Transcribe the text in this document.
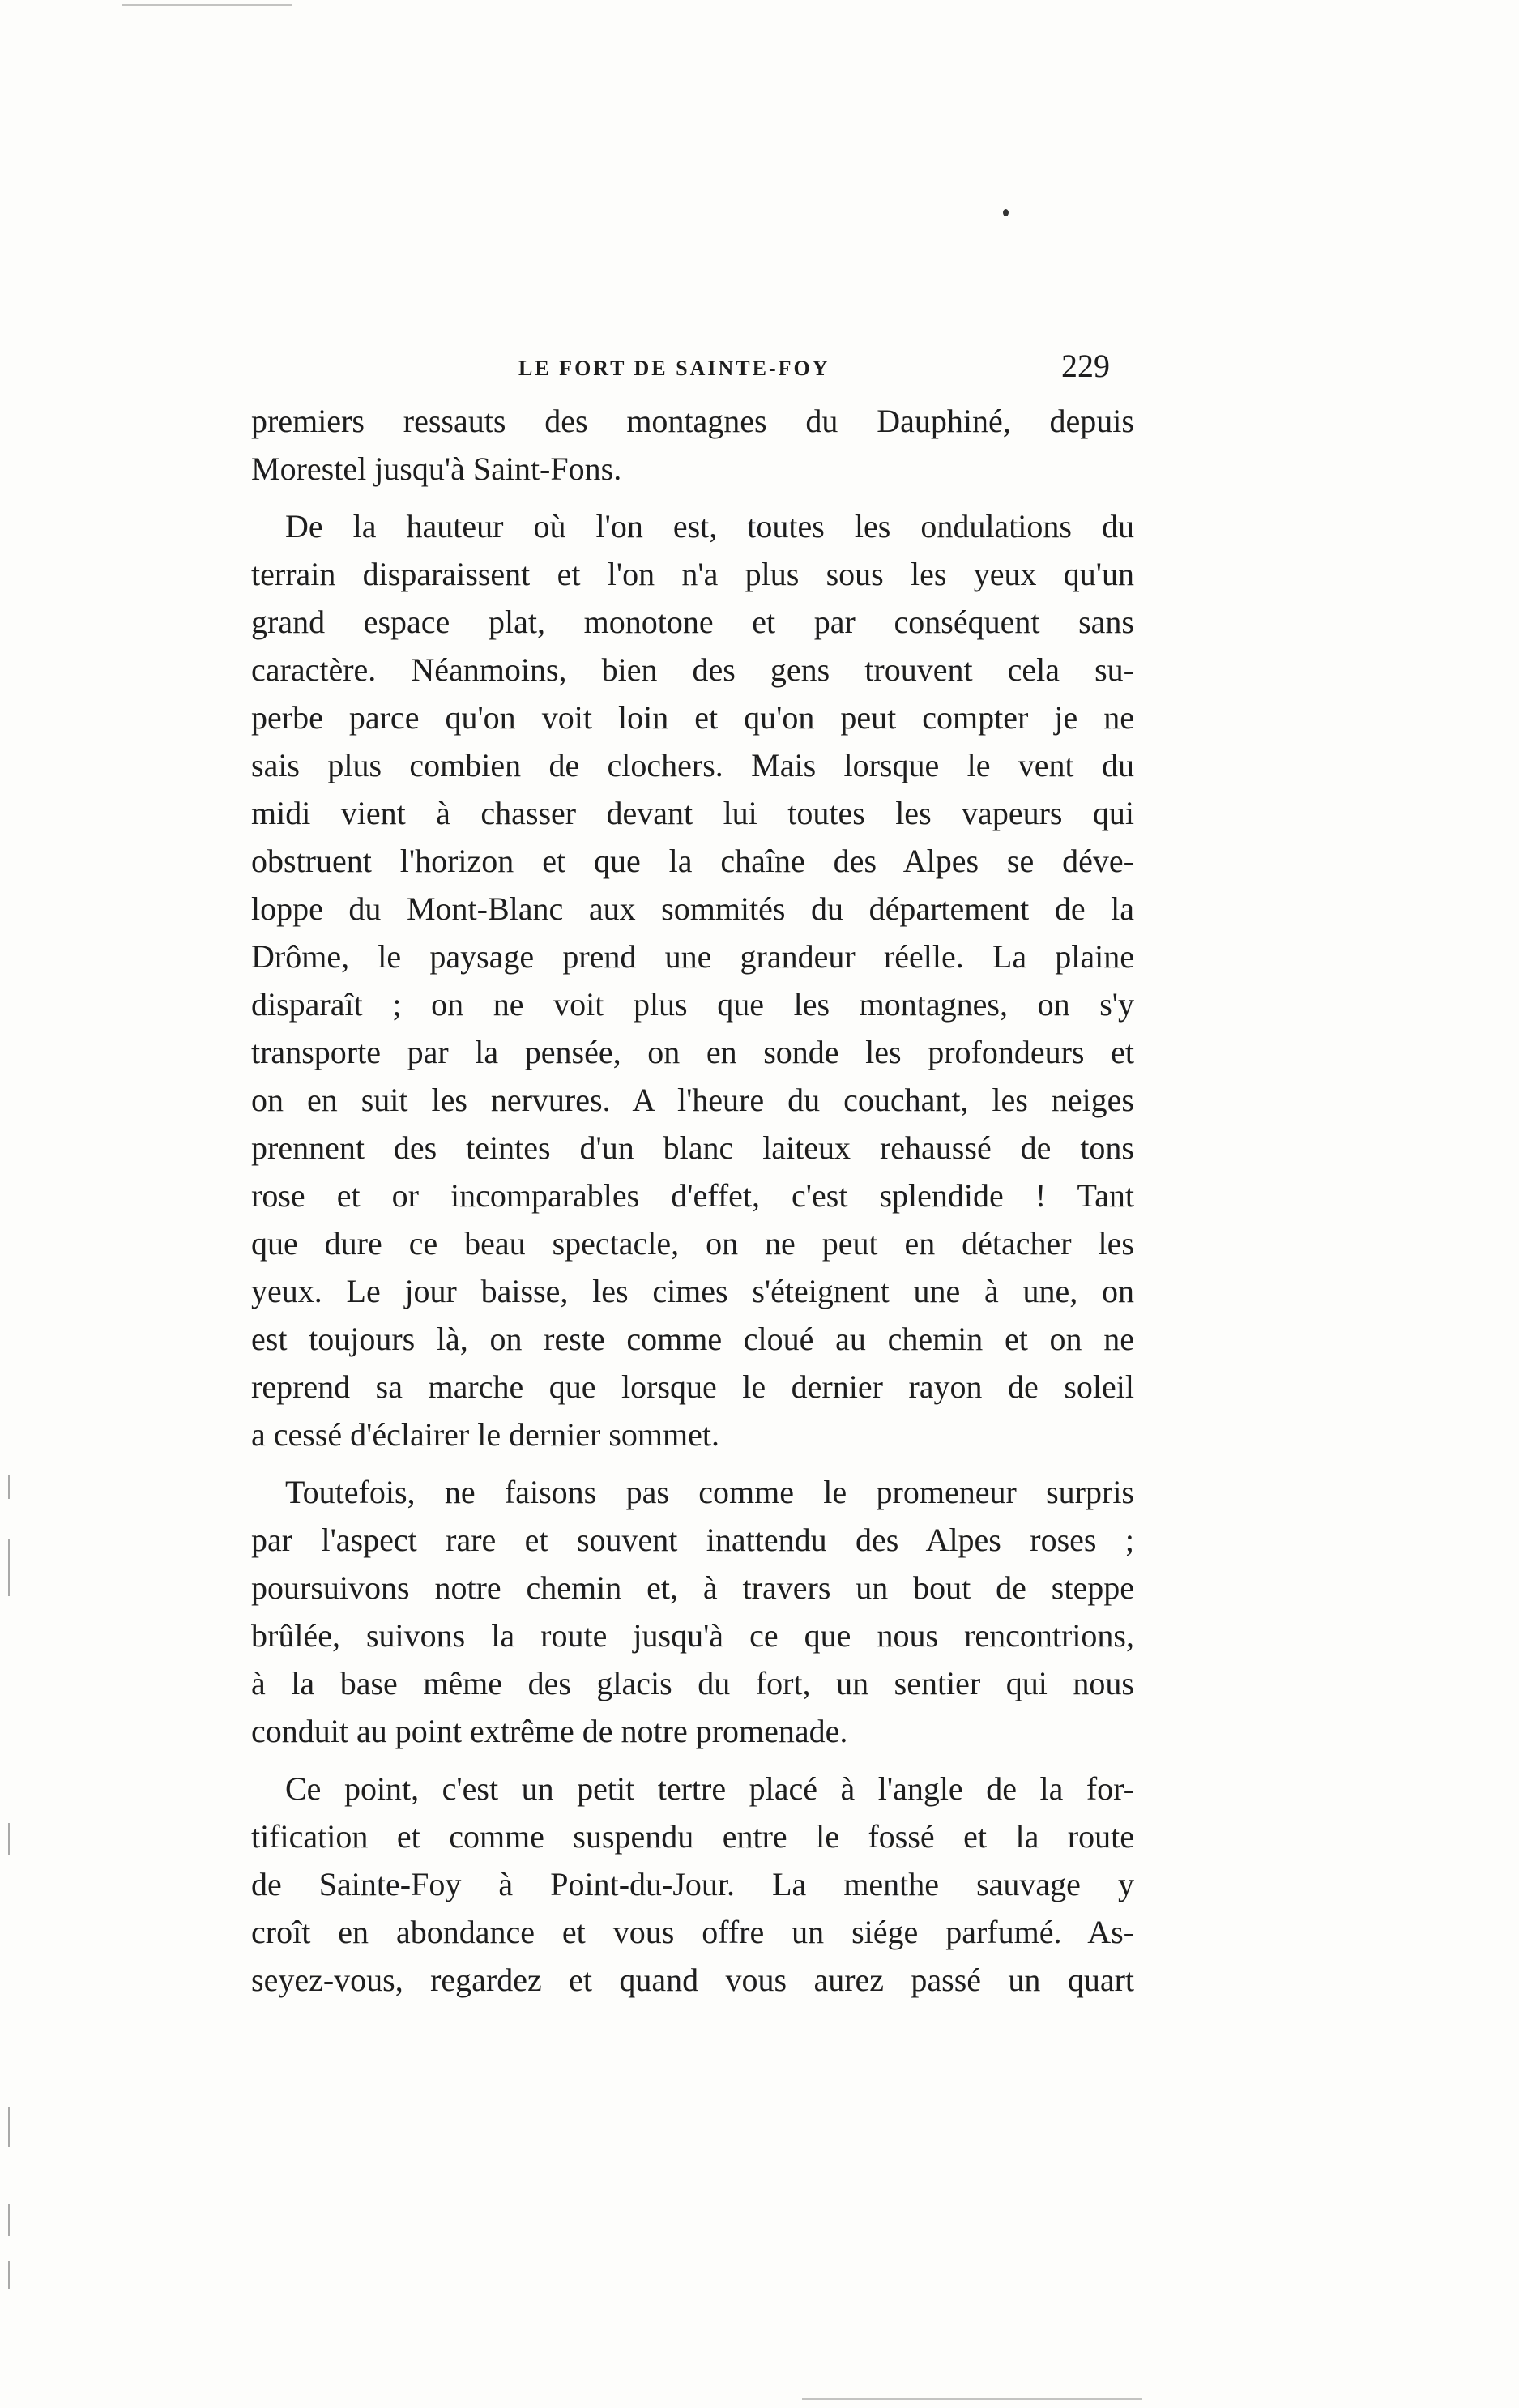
LE FORT DE SAINTE-FOY	229
premiers ressauts des montagnes du Dauphiné, depuis
Morestel jusqu'à Saint-Fons.
De la hauteur où l'on est, toutes les ondulations du
terrain disparaissent et l'on n'a plus sous les yeux qu'un
grand espace plat, monotone et par conséquent sans
caractère. Néanmoins, bien des gens trouvent cela su-
perbe parce qu'on voit loin et qu'on peut compter je ne
sais plus combien de clochers. Mais lorsque le vent du
midi vient à chasser devant lui toutes les vapeurs qui
obstruent l'horizon et que la chaîne des Alpes se déve-
loppe du Mont-Blanc aux sommités du département de la
Drôme, le paysage prend une grandeur réelle. La plaine
disparaît ; on ne voit plus que les montagnes, on s'y
transporte par la pensée, on en sonde les profondeurs et
on en suit les nervures. A l'heure du couchant, les neiges
prennent des teintes d'un blanc laiteux rehaussé de tons
rose et or incomparables d'effet, c'est splendide ! Tant
que dure ce beau spectacle, on ne peut en détacher les
yeux. Le jour baisse, les cimes s'éteignent une à une, on
est toujours là, on reste comme cloué au chemin et on ne
reprend sa marche que lorsque le dernier rayon de soleil
a cessé d'éclairer le dernier sommet.
Toutefois, ne faisons pas comme le promeneur surpris
par l'aspect rare et souvent inattendu des Alpes roses ;
poursuivons notre chemin et, à travers un bout de steppe
brûlée, suivons la route jusqu'à ce que nous rencontrions,
à la base même des glacis du fort, un sentier qui nous
conduit au point extrême de notre promenade.
Ce point, c'est un petit tertre placé à l'angle de la for-
tification et comme suspendu entre le fossé et la route
de Sainte-Foy à Point-du-Jour. La menthe sauvage y
croît en abondance et vous offre un siége parfumé. As-
seyez-vous, regardez et quand vous aurez passé un quart
